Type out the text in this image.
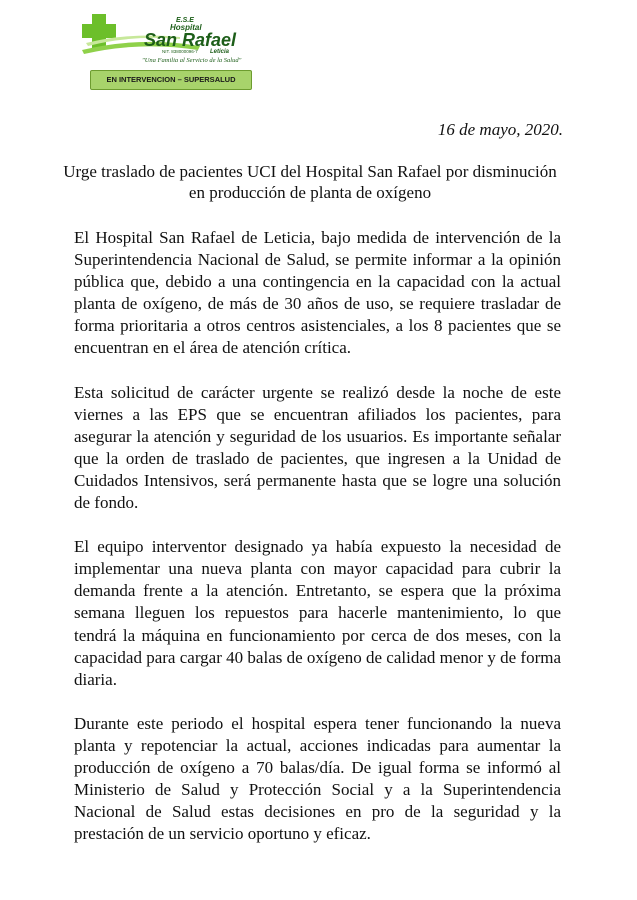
E.S.E
Hospital
San Rafael
NIT. 838000096-7 Leticia
"Una Familia al Servicio de la Salud"
EN INTERVENCION – SUPERSALUD
16 de mayo, 2020.
Urge traslado de pacientes UCI del Hospital San Rafael por disminución en producción de planta de oxígeno

El Hospital San Rafael de Leticia, bajo medida de intervención de la Superintendencia Nacional de Salud, se permite informar a la opinión pública que, debido a una contingencia en la capacidad con la actual planta de oxígeno, de más de 30 años de uso, se requiere trasladar de forma prioritaria a otros centros asistenciales, a los 8 pacientes que se encuentran en el área de atención crítica.

Esta solicitud de carácter urgente se realizó desde la noche de este viernes a las EPS que se encuentran afiliados los pacientes, para asegurar la atención y seguridad de los usuarios. Es importante señalar que la orden de traslado de pacientes, que ingresen a la Unidad de Cuidados Intensivos, será permanente hasta que se logre una solución de fondo.

El equipo interventor designado ya había expuesto la necesidad de implementar una nueva planta con mayor capacidad para cubrir la demanda frente a la atención. Entretanto, se espera que la próxima semana lleguen los repuestos para hacerle mantenimiento, lo que tendrá la máquina en funcionamiento por cerca de dos meses, con la capacidad para cargar 40 balas de oxígeno de calidad menor y de forma diaria.

Durante este periodo el hospital espera tener funcionando la nueva planta y repotenciar la actual, acciones indicadas para aumentar la producción de oxígeno a 70 balas/día. De igual forma se informó al Ministerio de Salud y Protección Social y a la Superintendencia Nacional de Salud estas decisiones en pro de la seguridad y la prestación de un servicio oportuno y eficaz.
